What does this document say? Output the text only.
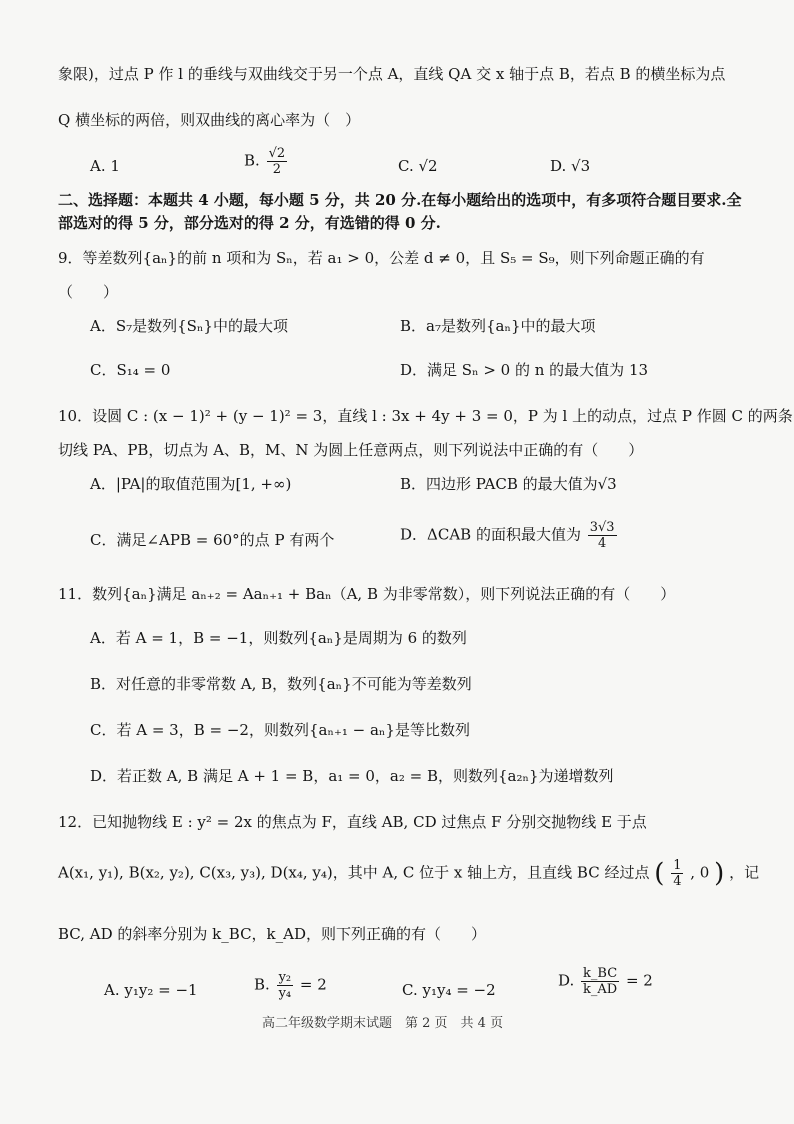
象限)，过点 P 作 l 的垂线与双曲线交于另一个点 A，直线 QA 交 x 轴于点 B，若点 B 的横坐标为点
Q 横坐标的两倍，则双曲线的离心率为（　）
A. 1	B. $\frac{√2}{2}$	C. √2	D. √3
二、选择题：本题共 4 小题，每小题 5 分，共 20 分.在每小题给出的选项中，有多项符合题目要求.全
部选对的得 5 分，部分选对的得 2 分，有选错的得 0 分.
9．等差数列{aₙ}的前 n 项和为 Sₙ，若 a₁ > 0，公差 d ≠ 0，且 S₅ = S₉，则下列命题正确的有
（　　）
A．S₇是数列{Sₙ}中的最大项	B．a₇是数列{aₙ}中的最大项
C．S₁₄ = 0	D．满足 Sₙ > 0 的 n 的最大值为 13
10．设圆 C : (x − 1)² + (y − 1)² = 3，直线 l : 3x + 4y + 3 = 0，P 为 l 上的动点，过点 P 作圆 C 的两条
切线 PA、PB，切点为 A、B，M、N 为圆上任意两点，则下列说法中正确的有（　　）
A．|PA|的取值范围为[1, +∞)	B．四边形 PACB 的最大值为√3
C．满足∠APB = 60°的点 P 有两个	D．ΔCAB 的面积最大值为 $\frac{3√3}{4}$
11．数列{aₙ}满足 aₙ₊₂ = Aaₙ₊₁ + Baₙ（A, B 为非零常数），则下列说法正确的有（　　）
A．若 A = 1，B = −1，则数列{aₙ}是周期为 6 的数列
B．对任意的非零常数 A, B，数列{aₙ}不可能为等差数列
C．若 A = 3，B = −2，则数列{aₙ₊₁ − aₙ}是等比数列
D．若正数 A, B 满足 A + 1 = B，a₁ = 0，a₂ = B，则数列{a₂ₙ}为递增数列
12．已知抛物线 E : y² = 2x 的焦点为 F，直线 AB, CD 过焦点 F 分别交抛物线 E 于点
A(x₁, y₁), B(x₂, y₂), C(x₃, y₃), D(x₄, y₄)，其中 A, C 位于 x 轴上方，且直线 BC 经过点 ( $\frac{1}{4}$ , 0 ) ，记
BC, AD 的斜率分别为 k_BC，k_AD，则下列正确的有（　　）
A. y₁y₂ = −1	B. $\frac{\text{y₂}}{\text{y₄}} = 2$	C. y₁y₄ = −2
D. $\frac{k\_BC}{k\_AD} = 2$
高二年级数学期末试题　第 2 页　共 4 页
